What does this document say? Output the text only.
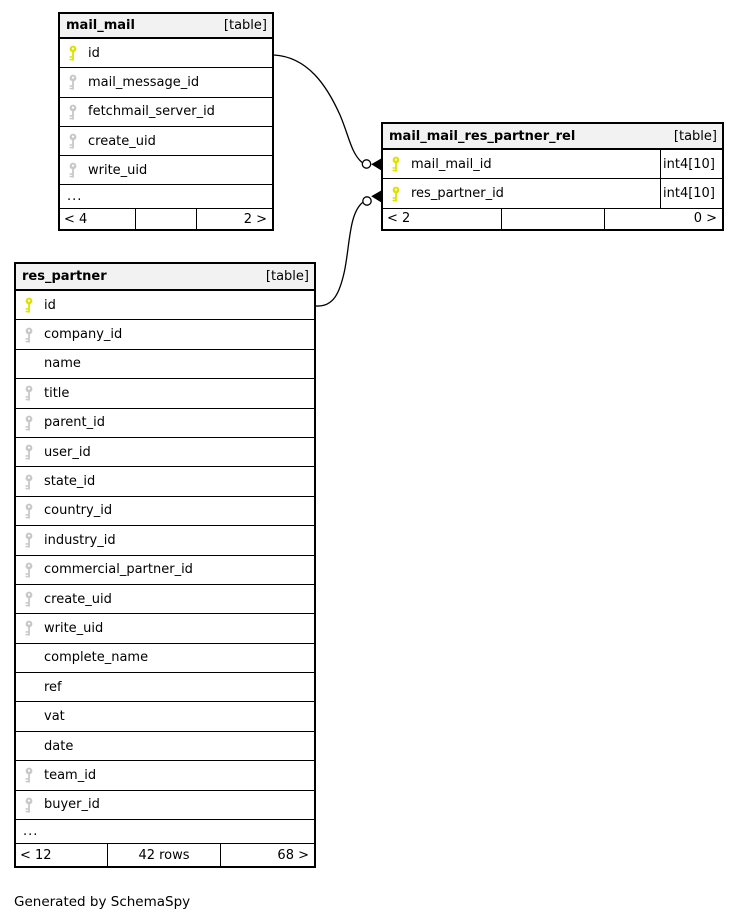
mail_mail	[table]
id
mail_message_id
fetchmail_server_id
create_uid
write_uid
...
< 4	2 >
mail_mail_res_partner_rel	[table]
mail_mail_id	int4[10]
res_partner_id	int4[10]
< 2	0 >
res_partner	[table]
id
company_id
name
title
parent_id
user_id
state_id
country_id
industry_id
commercial_partner_id
create_uid
write_uid
complete_name
ref
vat
date
team_id
buyer_id
...
< 12	42 rows	68 >
Generated by SchemaSpy
